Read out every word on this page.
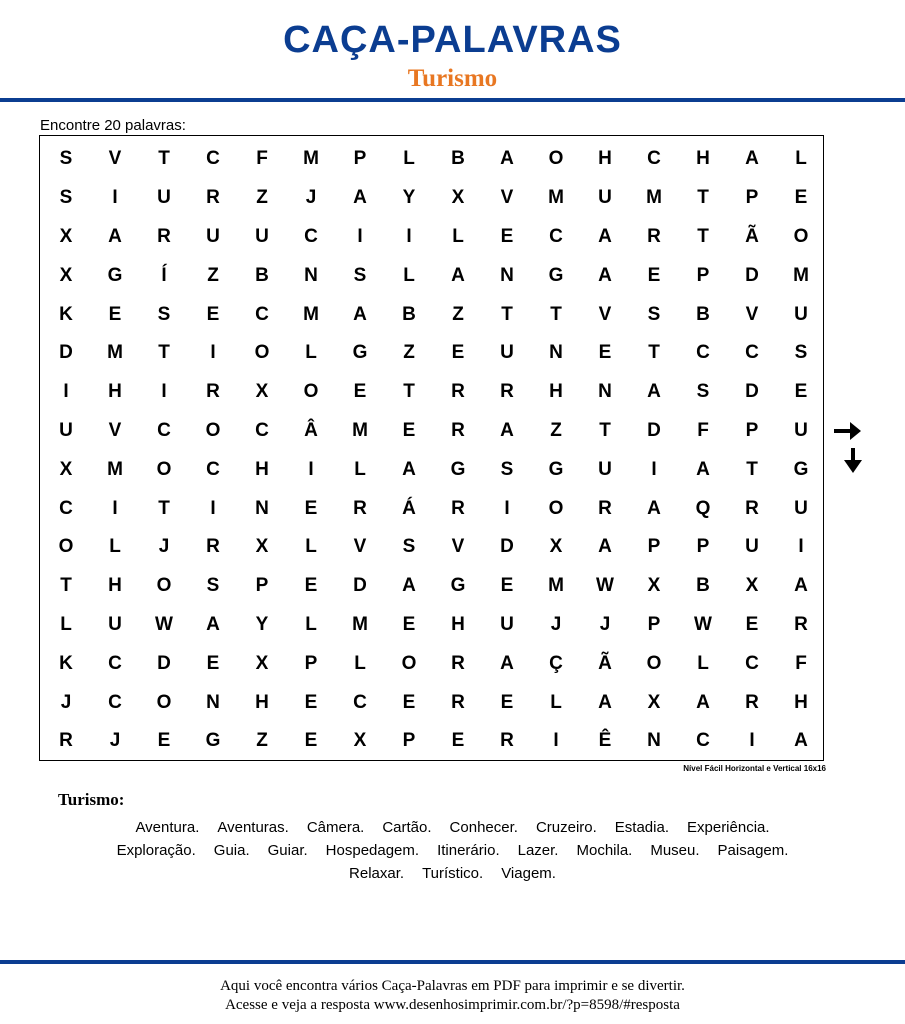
CAÇA-PALAVRAS
Turismo
Encontre 20 palavras:
S V	T	C	F	M P	L	B A O H C H A	L
S	I	U R	Z	J	A Y X V M U M	T	P E
X A R U U C	I	I	L	E C A R	T	Ã O
X G	Í	Z	B N S	L	A N G A E P D M
K E S E C M A B	Z	T	T	V S B V U
D M	T	I	O	L	G	Z	E U N E	T	C C S
I	H	I	R X O E	T	R R H N A S D E
U V C O C Â M E R A	Z	T	D	F	P U
X M O C H	I	L	A G S G U	I	A	T	G
C	I	T	I	N E R Á R	I	O R A Q R U
O	L	J	R X	L	V S V D X A P P U	I
T	H O S P E D A G E M W X B X A
L	U W A Y	L	M E H U	J	J	P W E R
K C D E X P	L	O R A Ç Ã O	L	C	F
J	C O N H E C E R E	L	A X A R H
R	J	E G	Z	E X P E R	I	Ê N C	I	A
Nível Fácil Horizontal e Vertical 16x16
Turismo:
Aventura. Aventuras. Câmera. Cartão. Conhecer. Cruzeiro. Estadia. Experiência.
Exploração. Guia. Guiar. Hospedagem. Itinerário. Lazer. Mochila. Museu. Paisagem.
Relaxar. Turístico. Viagem.
Aqui você encontra vários Caça-Palavras em PDF para imprimir e se divertir.
Acesse e veja a resposta www.desenhosimprimir.com.br/?p=8598/#resposta
